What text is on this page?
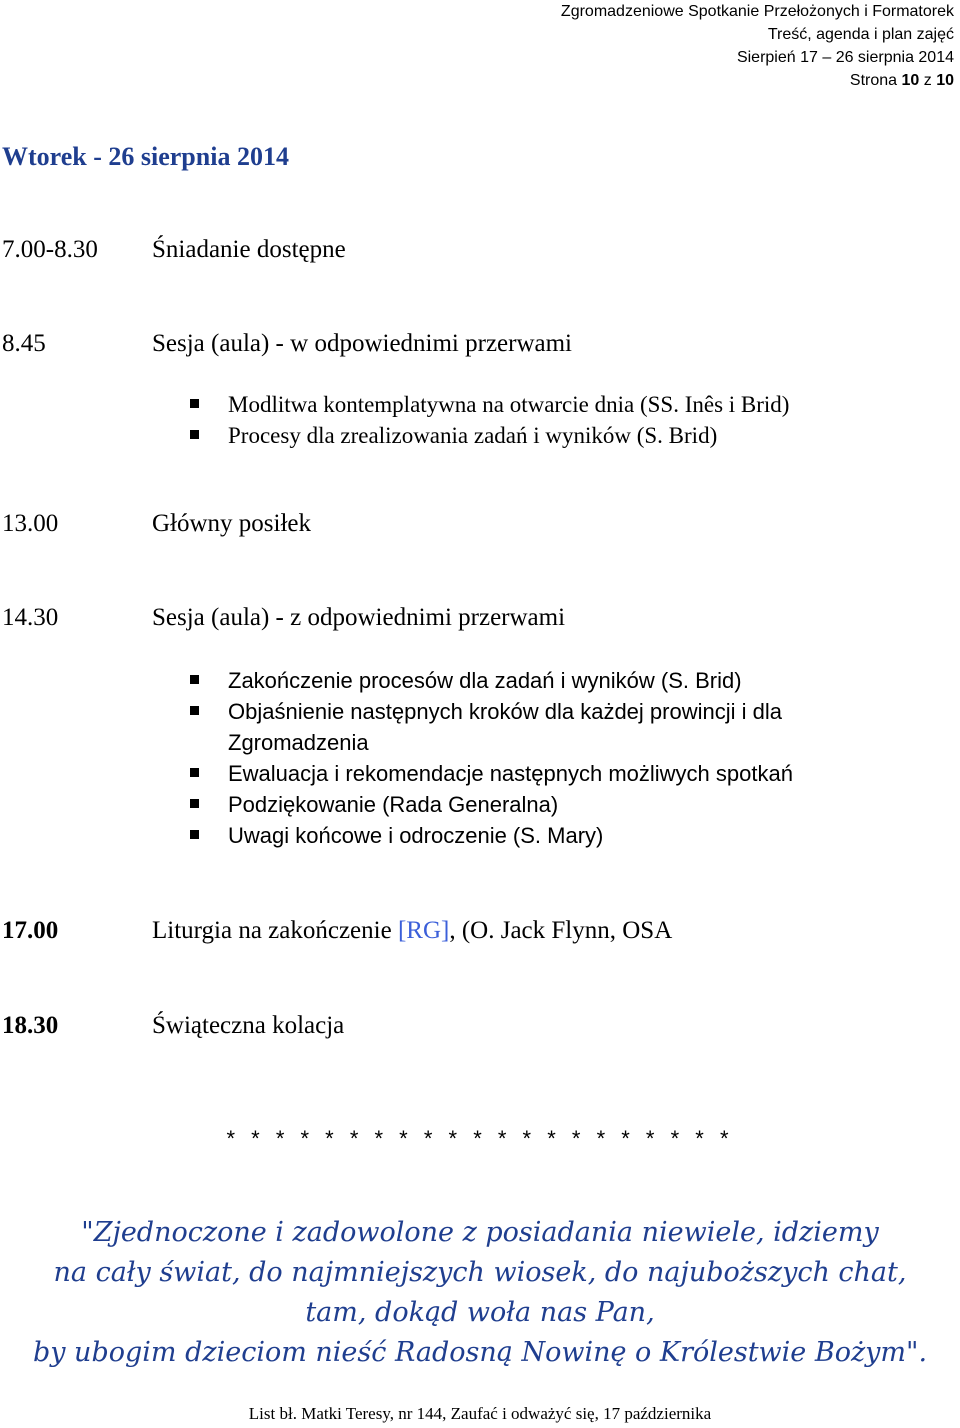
Zgromadzeniowe Spotkanie Przełożonych i Formatorek
Treść, agenda i plan zajęć
Sierpień 17 – 26 sierpnia 2014
Strona 10 z 10
Wtorek - 26 sierpnia 2014
7.00-8.30 Śniadanie dostępne
8.45	Sesja (aula) - w odpowiednimi przerwami
Modlitwa kontemplatywna na otwarcie dnia (SS. Inês i Brid)
Procesy dla zrealizowania zadań i wyników (S. Brid)
13.00	Główny posiłek
14.30	Sesja (aula) - z odpowiednimi przerwami
Zakończenie procesów dla zadań i wyników (S. Brid)
Objaśnienie następnych kroków dla każdej prowincji i dla Zgromadzenia
Ewaluacja i rekomendacje następnych możliwych spotkań
Podziękowanie (Rada Generalna)
Uwagi końcowe i odroczenie (S. Mary)
17.00	Liturgia na zakończenie [RG], (O. Jack Flynn, OSA
18.30	Świąteczna kolacja
* * * * * * * * * * * * * * * * * * * * *
"Zjednoczone i zadowolone z posiadania niewiele, idziemy
na cały świat, do najmniejszych wiosek, do najuboższych chat,
tam, dokąd woła nas Pan,
by ubogim dzieciom nieść Radosną Nowinę o Królestwie Bożym".
List bł. Matki Teresy, nr 144, Zaufać i odważyć się, 17 października
